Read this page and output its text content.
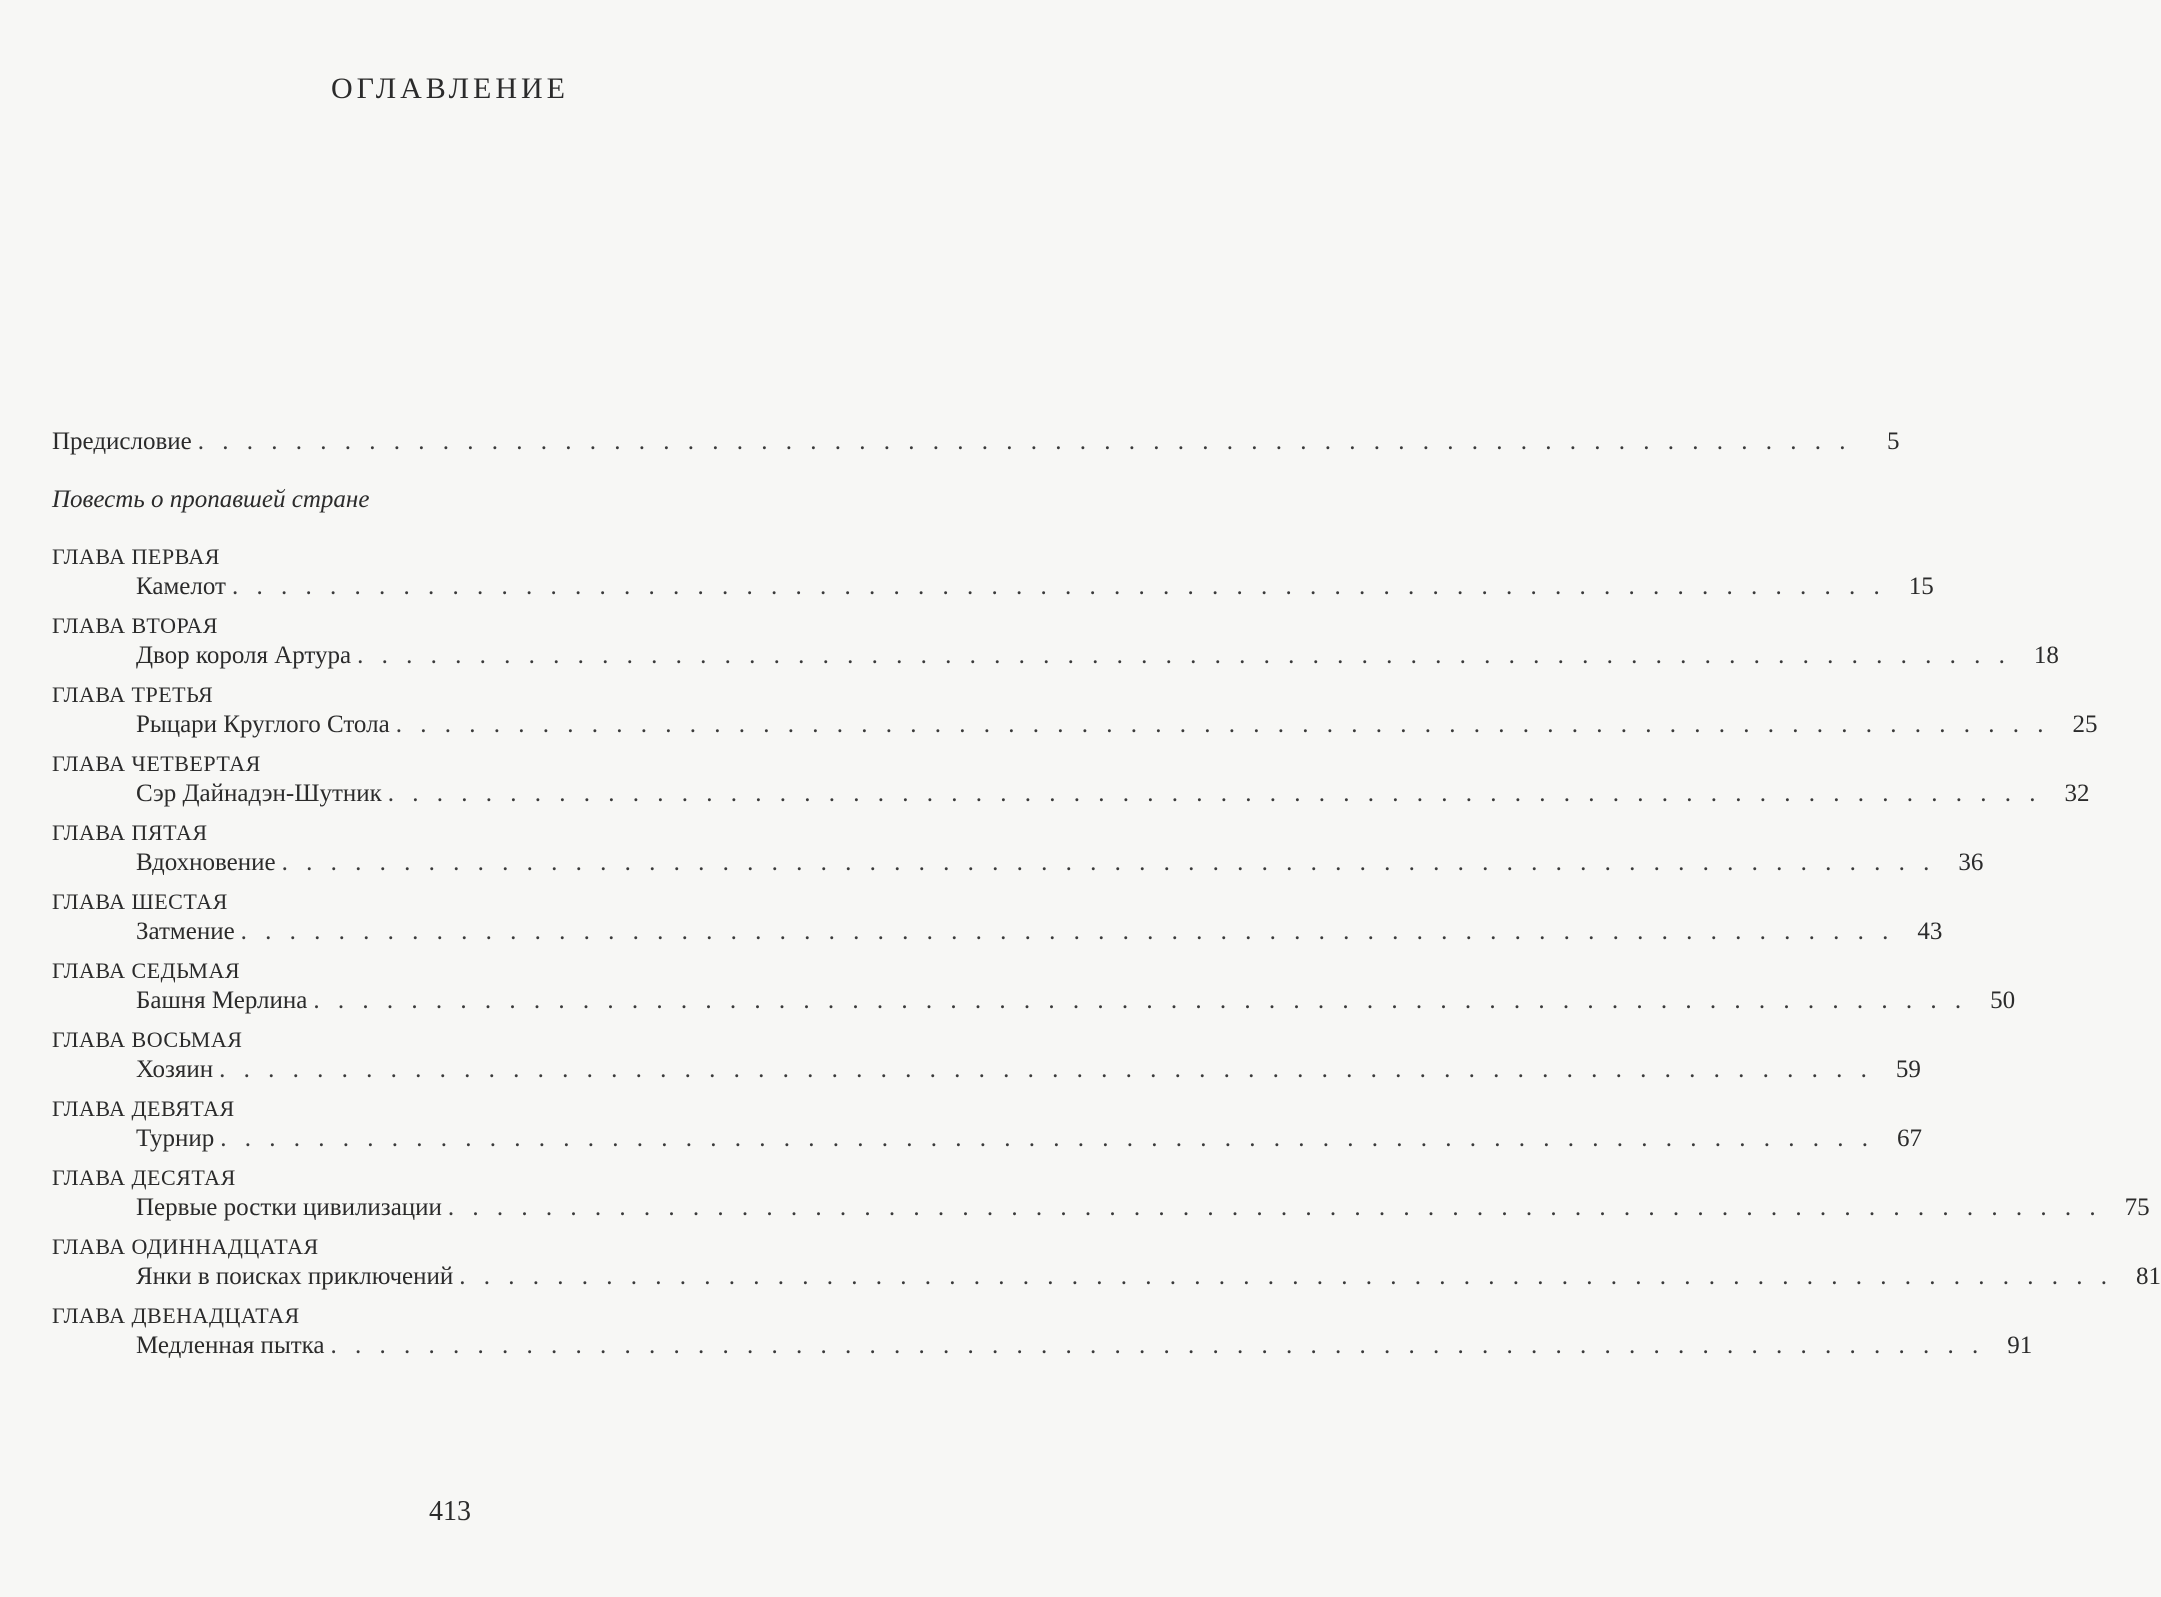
ОГЛАВЛЕНИЕ
Предисловие . . . . . . . . . . . . . . . . . . . . . . . . . . . . . . . . . . . . . . . . . . . . . . . . . . . . . . . . . . . . . . . . . . . .	5
Повесть о пропавшей стране
ГЛАВА ПЕРВАЯ
Камелот . . . . . . . . . . . . . . . . . . . . . . . . . . . . . . . . . . . . . . . . . . . . . . . . . . . . . . . . . . . . . . . . . . . . 15
ГЛАВА ВТОРАЯ
Двор короля Артура . . . . . . . . . . . . . . . . . . . . . . . . . . . . . . . . . . . . . . . . . . . . . . . . . . . . . . . . . . . . . . . . . . . . 18
ГЛАВА ТРЕТЬЯ
Рыцари Круглого Стола . . . . . . . . . . . . . . . . . . . . . . . . . . . . . . . . . . . . . . . . . . . . . . . . . . . . . . . . . . . . . . . . . . . . 25
ГЛАВА ЧЕТВЕРТАЯ
Сэр Дайнадэн-Шутник . . . . . . . . . . . . . . . . . . . . . . . . . . . . . . . . . . . . . . . . . . . . . . . . . . . . . . . . . . . . . . . . . . . . 32
ГЛАВА ПЯТАЯ
Вдохновение . . . . . . . . . . . . . . . . . . . . . . . . . . . . . . . . . . . . . . . . . . . . . . . . . . . . . . . . . . . . . . . . . . . . 36
ГЛАВА ШЕСТАЯ
Затмение . . . . . . . . . . . . . . . . . . . . . . . . . . . . . . . . . . . . . . . . . . . . . . . . . . . . . . . . . . . . . . . . . . . . 43
ГЛАВА СЕДЬМАЯ
Башня Мерлина . . . . . . . . . . . . . . . . . . . . . . . . . . . . . . . . . . . . . . . . . . . . . . . . . . . . . . . . . . . . . . . . . . . . 50
ГЛАВА ВОСЬМАЯ
Хозяин . . . . . . . . . . . . . . . . . . . . . . . . . . . . . . . . . . . . . . . . . . . . . . . . . . . . . . . . . . . . . . . . . . . . 59
ГЛАВА ДЕВЯТАЯ
Турнир . . . . . . . . . . . . . . . . . . . . . . . . . . . . . . . . . . . . . . . . . . . . . . . . . . . . . . . . . . . . . . . . . . . . 67
ГЛАВА ДЕСЯТАЯ
Первые ростки цивилизации . . . . . . . . . . . . . . . . . . . . . . . . . . . . . . . . . . . . . . . . . . . . . . . . . . . . . . . . . . . . . . . . . . . . 75
ГЛАВА ОДИННАДЦАТАЯ
Янки в поисках приключений . . . . . . . . . . . . . . . . . . . . . . . . . . . . . . . . . . . . . . . . . . . . . . . . . . . . . . . . . . . . . . . . . . . . 81
ГЛАВА ДВЕНАДЦАТАЯ
Медленная пытка . . . . . . . . . . . . . . . . . . . . . . . . . . . . . . . . . . . . . . . . . . . . . . . . . . . . . . . . . . . . . . . . . . . . 91
413
